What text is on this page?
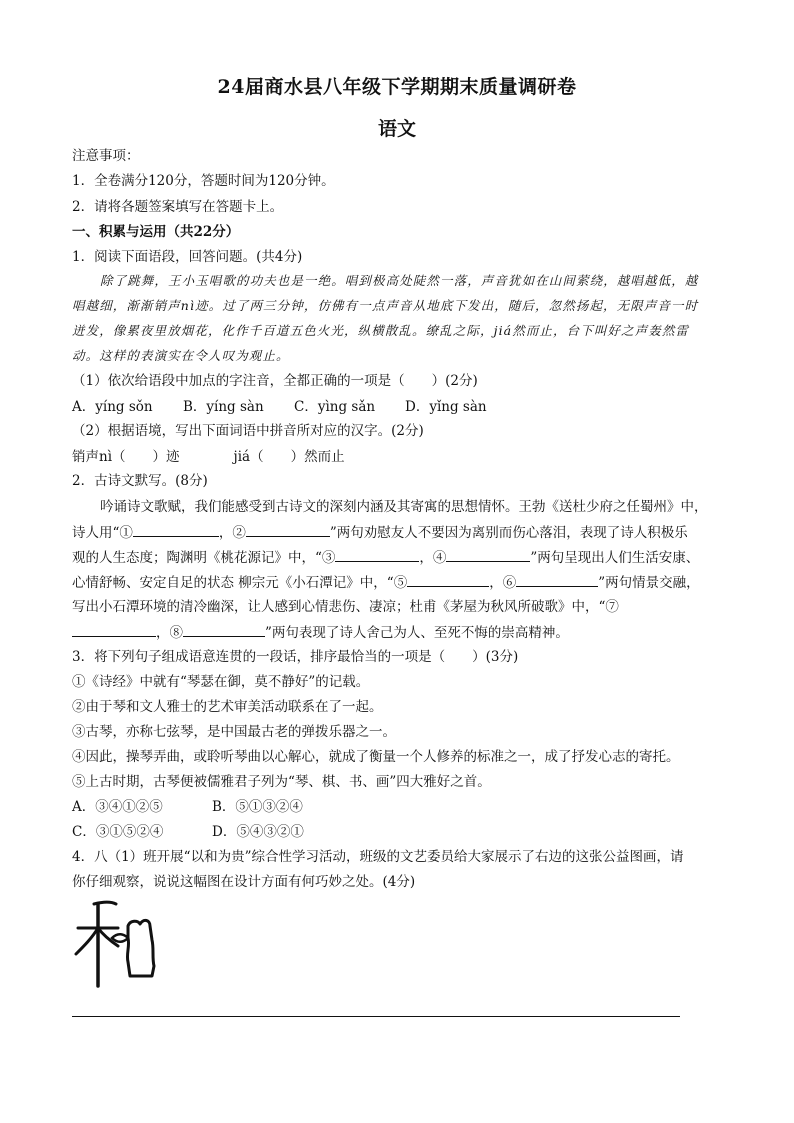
24届商水县八年级下学期期末质量调研卷
语文
注意事项：
1．全卷满分120分，答题时间为120分钟。
2．请将各题签案填写在答题卡上。
一、积累与运用（共22分）
1．阅读下面语段，回答问题。(共4分)
除了跳舞，王小玉唱歌的功夫也是一绝。唱到极高处陡然一落，声音犹如在山间萦绕，越唱越低，越
唱越细，渐渐销声nì迹。过了两三分钟，仿佛有一点声音从地底下发出，随后，忽然扬起，无限声音一时
迸发，像累夜里放烟花，化作千百道五色火光，纵横散乱。缭乱之际，jiá然而止，台下叫好之声轰然雷
动。这样的表演实在令人叹为观止。
（1）依次给语段中加点的字注音，全都正确的一项是（　　）(2分)
A．yíng sǒn B．yíng sàn C．yìng sǎn D．yǐng sàn
（2）根据语境，写出下面词语中拼音所对应的汉字。(2分)
销声nì（　　）迹　　　　jiá（　　）然而止
2．古诗文默写。(8分)
吟诵诗文歌赋，我们能感受到古诗文的深刻内涵及其寄寓的思想情怀。王勃《送杜少府之任蜀州》中，
诗人用“①	，②	”两句劝慰友人不要因为离别而伤心落泪，表现了诗人积极乐
观的人生态度；陶渊明《桃花源记》中，“③	，④	”两句呈现出人们生活安康、
心情舒畅、安定自足的状态 柳宗元《小石潭记》中，“⑤	，⑥	”两句情景交融，
写出小石潭环境的清冷幽深，让人感到心情悲伤、凄凉；杜甫《茅屋为秋风所破歌》中，“⑦
，⑧	”两句表现了诗人舍己为人、至死不悔的崇高精神。
3．将下列句子组成语意连贯的一段话，排序最恰当的一项是（　　）(3分)
①《诗经》中就有“琴瑟在御，莫不静好”的记载。
②由于琴和文人雅士的艺术审美活动联系在了一起。
③古琴，亦称七弦琴，是中国最古老的弹拨乐器之一。
④因此，操琴弄曲，或聆听琴曲以心解心，就成了衡量一个人修养的标准之一，成了抒发心志的寄托。
⑤上古时期，古琴便被儒雅君子列为“琴、棋、书、画”四大雅好之首。
A．③④①②⑤	B．⑤①③②④
C．③①⑤②④	D．⑤④③②①
4．八（1）班开展“以和为贵”综合性学习活动，班级的文艺委员给大家展示了右边的这张公益图画，请
你仔细观察，说说这幅图在设计方面有何巧妙之处。(4分)
